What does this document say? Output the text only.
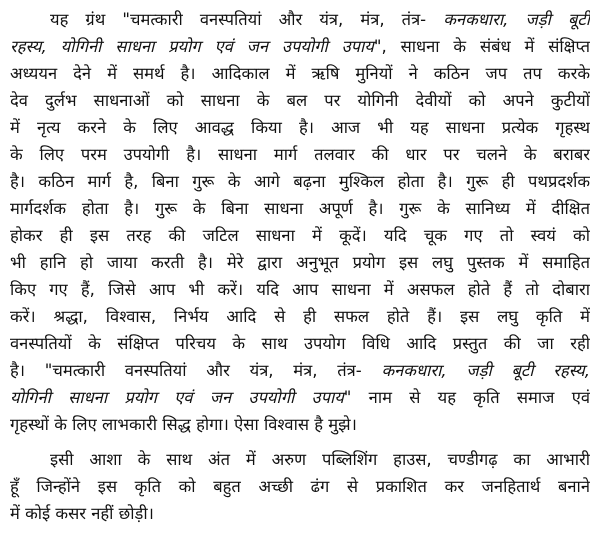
यह ग्रंथ "चमत्कारी वनस्पतियां और यंत्र, मंत्र, तंत्र- कनकधारा, जड़ी बूटी
रहस्य, योगिनी साधना प्रयोग एवं जन उपयोगी उपाय", साधना के संबंध में संक्षिप्त
अध्ययन देने में समर्थ है। आदिकाल में ऋषि मुनियों ने कठिन जप तप करके
देव दुर्लभ साधनाओं को साधना के बल पर योगिनी देवीयों को अपने कुटीयों
में नृत्य करने के लिए आवद्ध किया है। आज भी यह साधना प्रत्येक गृहस्थ
के लिए परम उपयोगी है। साधना मार्ग तलवार की धार पर चलने के बराबर
है। कठिन मार्ग है, बिना गुरू के आगे बढ़ना मुश्किल होता है। गुरू ही पथप्रदर्शक
मार्गदर्शक होता है। गुरू के बिना साधना अपूर्ण है। गुरू के सानिध्य में दीक्षित
होकर ही इस तरह की जटिल साधना में कूदें। यदि चूक गए तो स्वयं को
भी हानि हो जाया करती है। मेरे द्वारा अनुभूत प्रयोग इस लघु पुस्तक में समाहित
किए गए हैं, जिसे आप भी करें। यदि आप साधना में असफल होते हैं तो दोबारा
करें। श्रद्धा, विश्वास, निर्भय आदि से ही सफल होते हैं। इस लघु कृति में
वनस्पतियों के संक्षिप्त परिचय के साथ उपयोग विधि आदि प्रस्तुत की जा रही
है। "चमत्कारी वनस्पतियां और यंत्र, मंत्र, तंत्र- कनकधारा, जड़ी बूटी रहस्य,
योगिनी साधना प्रयोग एवं जन उपयोगी उपाय" नाम से यह कृति समाज एवं
गृहस्थों के लिए लाभकारी सिद्ध होगा। ऐसा विश्वास है मुझे।
इसी आशा के साथ अंत में अरुण पब्लिशिंग हाउस, चण्डीगढ़ का आभारी
हूँ जिन्होंने इस कृति को बहुत अच्छी ढंग से प्रकाशित कर जनहितार्थ बनाने
में कोई कसर नहीं छोड़ी।
